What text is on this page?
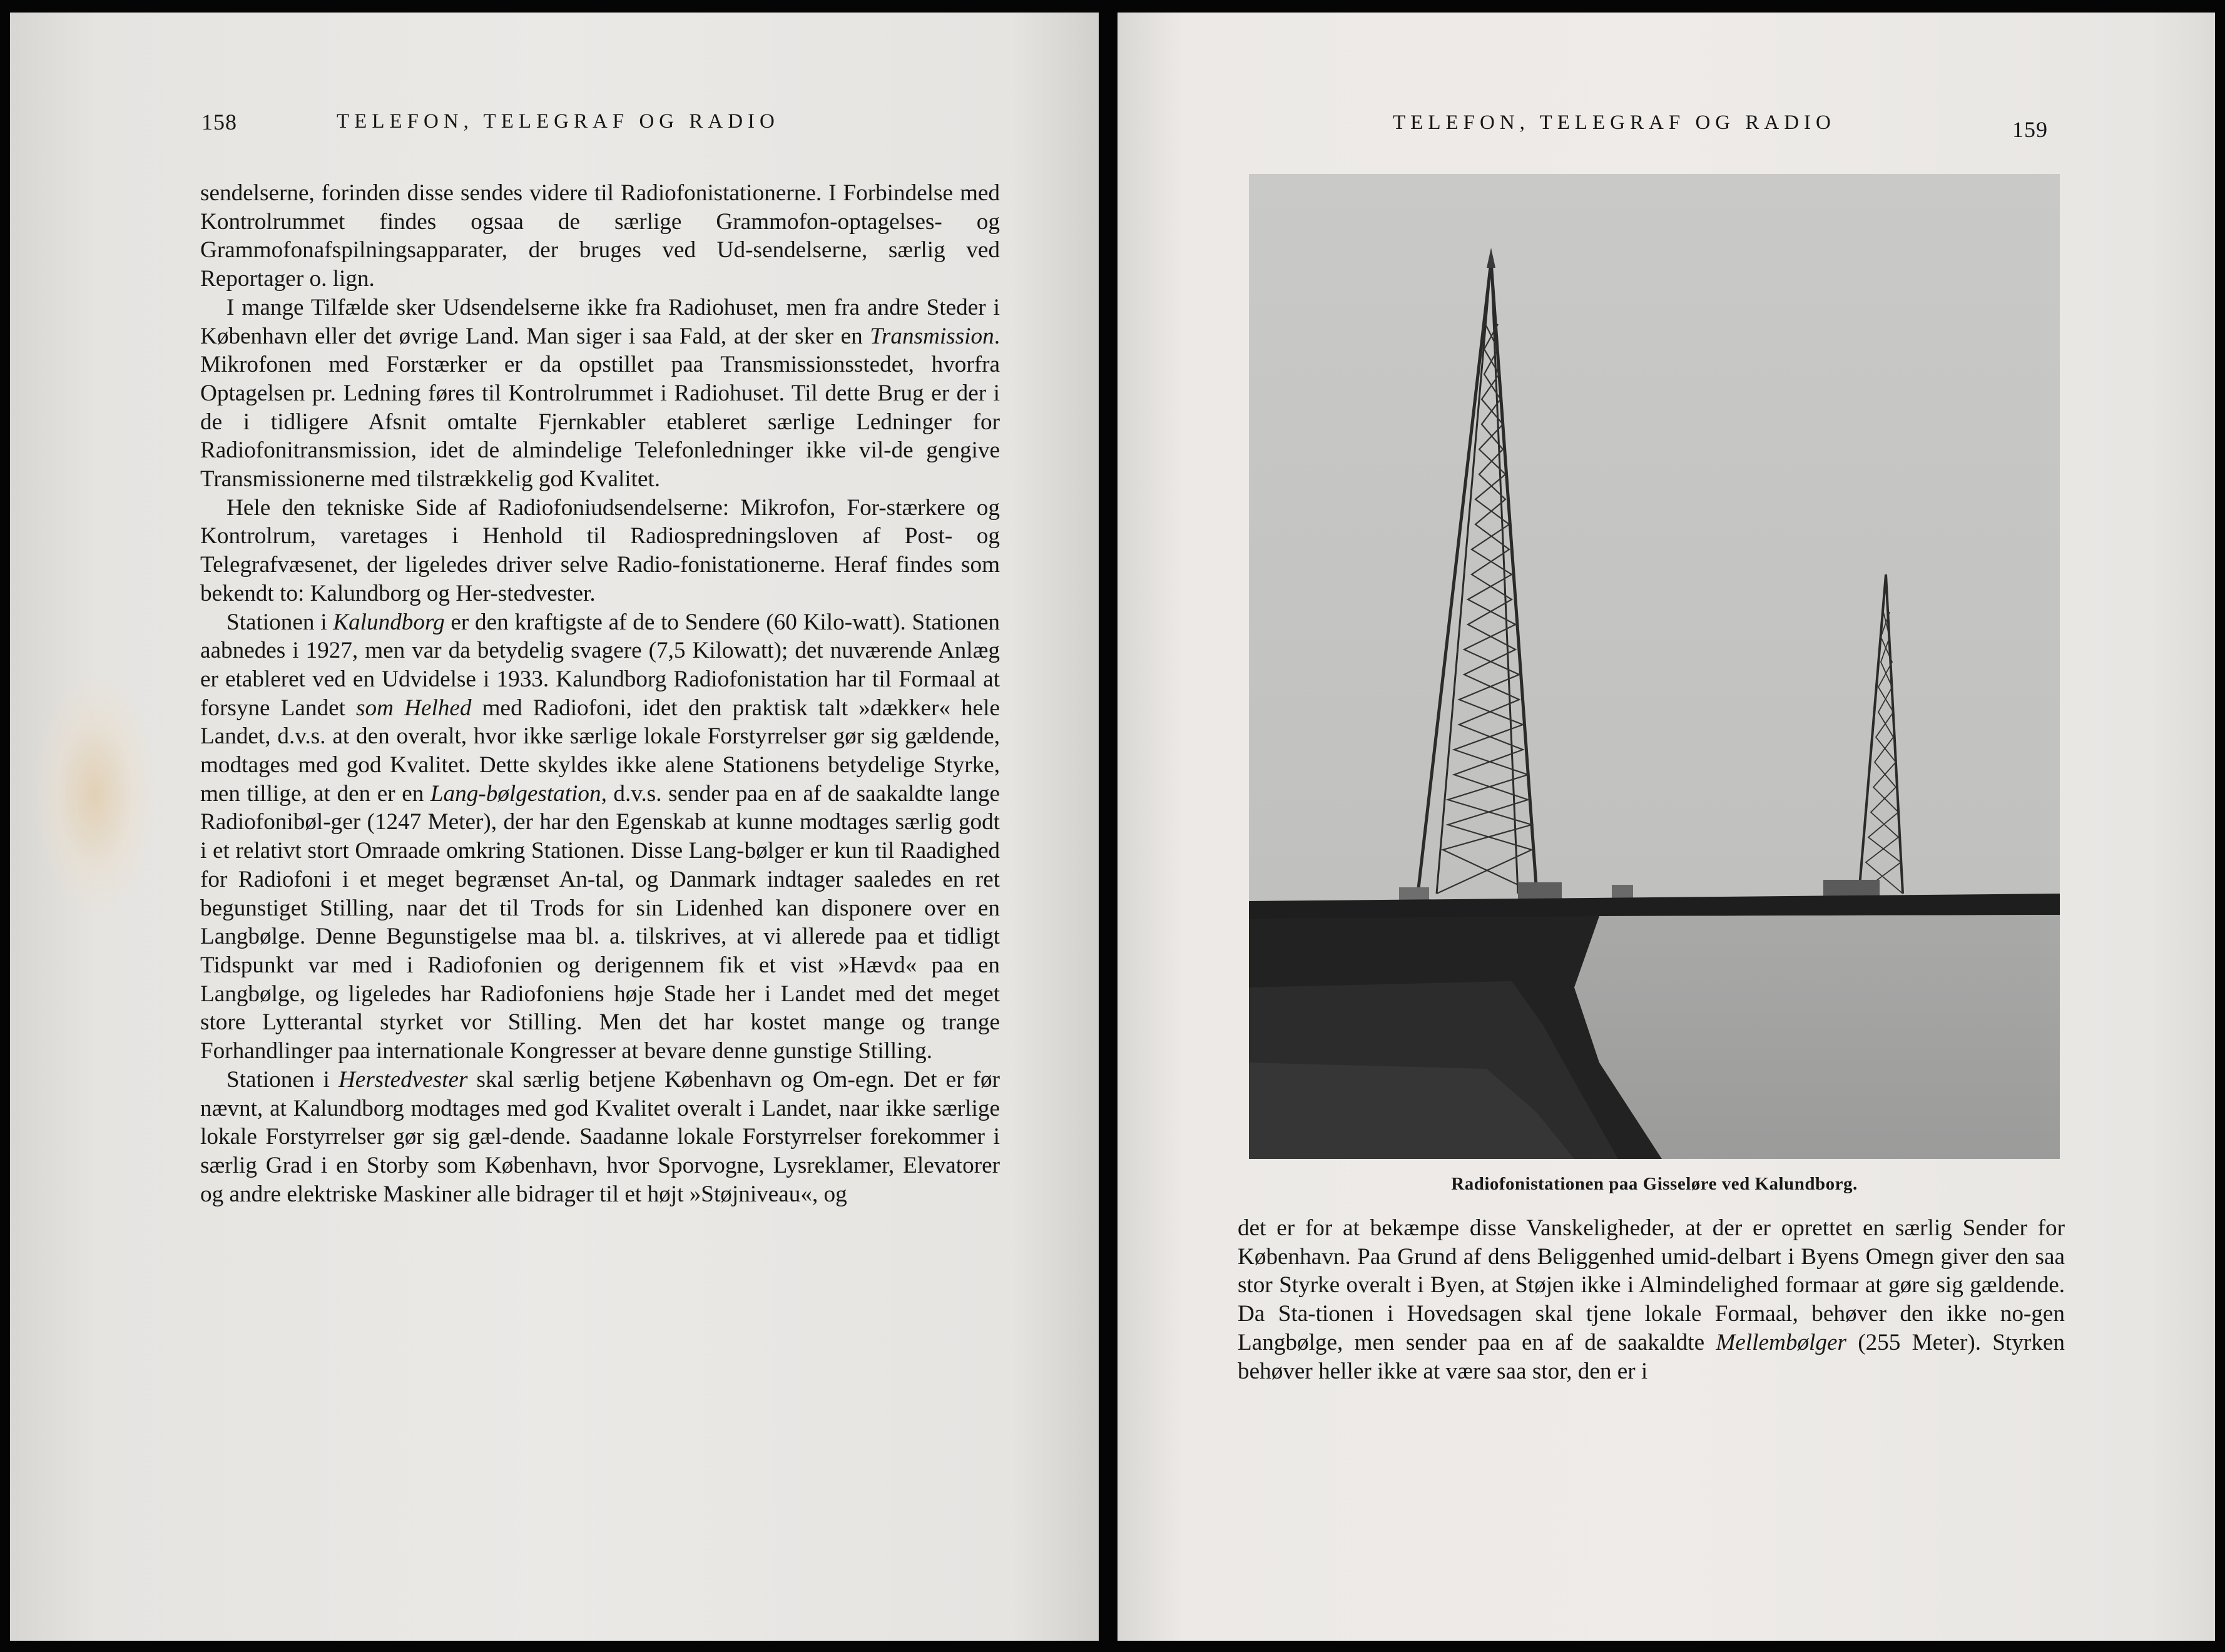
158	TELEFON, TELEGRAF OG RADIO

sendelserne, forinden disse sendes videre til Radiofonistationerne. I Forbindelse med Kontrolrummet findes ogsaa de særlige Grammofon-optagelses- og Grammofonafspilningsapparater, der bruges ved Ud-sendelserne, særlig ved Reportager o. lign.

I mange Tilfælde sker Udsendelserne ikke fra Radiohuset, men fra andre Steder i København eller det øvrige Land. Man siger i saa Fald, at der sker en Transmission. Mikrofonen med Forstærker er da opstillet paa Transmissionsstedet, hvorfra Optagelsen pr. Ledning føres til Kontrolrummet i Radiohuset. Til dette Brug er der i de i tidligere Afsnit omtalte Fjernkabler etableret særlige Ledninger for Radiofonitransmission, idet de almindelige Telefonledninger ikke vil-de gengive Transmissionerne med tilstrækkelig god Kvalitet.

Hele den tekniske Side af Radiofoniudsendelserne: Mikrofon, For-stærkere og Kontrolrum, varetages i Henhold til Radiospredningsloven af Post- og Telegrafvæsenet, der ligeledes driver selve Radio-fonistationerne. Heraf findes som bekendt to: Kalundborg og Her-stedvester.

Stationen i Kalundborg er den kraftigste af de to Sendere (60 Kilo-watt). Stationen aabnedes i 1927, men var da betydelig svagere (7,5 Kilowatt); det nuværende Anlæg er etableret ved en Udvidelse i 1933. Kalundborg Radiofonistation har til Formaal at forsyne Landet som Helhed med Radiofoni, idet den praktisk talt »dækker« hele Landet, d.v.s. at den overalt, hvor ikke særlige lokale Forstyrrelser gør sig gældende, modtages med god Kvalitet. Dette skyldes ikke alene Stationens betydelige Styrke, men tillige, at den er en Lang-bølgestation, d.v.s. sender paa en af de saakaldte lange Radiofonibøl-ger (1247 Meter), der har den Egenskab at kunne modtages særlig godt i et relativt stort Omraade omkring Stationen. Disse Lang-bølger er kun til Raadighed for Radiofoni i et meget begrænset An-tal, og Danmark indtager saaledes en ret begunstiget Stilling, naar det til Trods for sin Lidenhed kan disponere over en Langbølge. Denne Begunstigelse maa bl. a. tilskrives, at vi allerede paa et tidligt Tidspunkt var med i Radiofonien og derigennem fik et vist »Hævd« paa en Langbølge, og ligeledes har Radiofoniens høje Stade her i Landet med det meget store Lytterantal styrket vor Stilling. Men det har kostet mange og trange Forhandlinger paa internationale Kongresser at bevare denne gunstige Stilling.

Stationen i Herstedvester skal særlig betjene København og Om-egn. Det er før nævnt, at Kalundborg modtages med god Kvalitet overalt i Landet, naar ikke særlige lokale Forstyrrelser gør sig gæl-dende. Saadanne lokale Forstyrrelser forekommer i særlig Grad i en Storby som København, hvor Sporvogne, Lysreklamer, Elevatorer og andre elektriske Maskiner alle bidrager til et højt »Støjniveau«, og

TELEFON, TELEGRAF OG RADIO	159
Radiofonistationen paa Gisseløre ved Kalundborg.

det er for at bekæmpe disse Vanskeligheder, at der er oprettet en særlig Sender for København. Paa Grund af dens Beliggenhed umid-delbart i Byens Omegn giver den saa stor Styrke overalt i Byen, at Støjen ikke i Almindelighed formaar at gøre sig gældende. Da Sta-tionen i Hovedsagen skal tjene lokale Formaal, behøver den ikke no-gen Langbølge, men sender paa en af de saakaldte Mellembølger (255 Meter). Styrken behøver heller ikke at være saa stor, den er i
